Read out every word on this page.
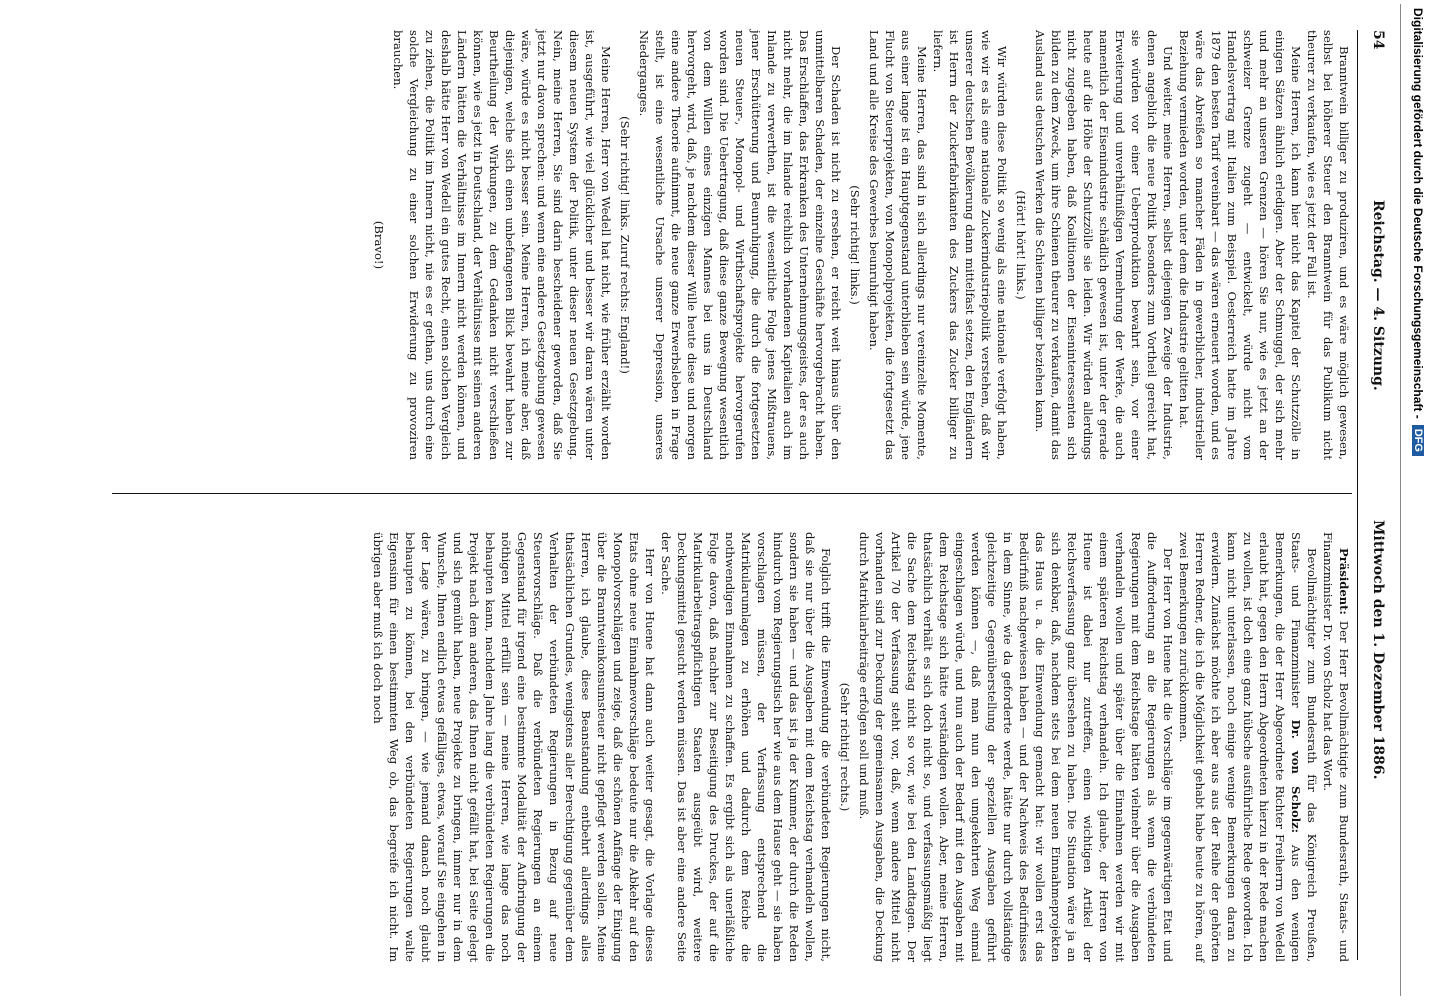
54
Reichstag. — 4. Sitzung.
Mittwoch den 1. Dezember 1886.

Branntwein billiger zu produziren, und es wäre möglich gewesen, selbst bei höherer Steuer den Branntwein für das Publikum nicht theurer zu verkaufen, wie es jetzt der Fall ist.

Meine Herren, ich kann hier nicht das Kapitel der Schutzzölle in einigen Sätzen ähnlich erledigen. Aber der Schmuggel, der sich mehr und mehr an unseren Grenzen — hören Sie nur, wie es jetzt an der schweizer Grenze zugeht — entwickelt, würde nicht vom Handelsvertrag mit Italien zum Beispiel. Oesterreich hatte im Jahre 1879 den besten Tarif vereinbart — das wären erneuert worden, und es wäre das Abreißen so mancher Fäden in gewerblicher, industrieller Beziehung vermieden worden, unter dem die Industrie gelitten hat.

Und weiter, meine Herren, selbst diejenigen Zweige der Industrie, denen angeblich die neue Politik besonders zum Vortheil gereicht hat, sie würden vor einer Ueberproduktion bewahrt sein, vor einer Erweiterung und unverhältnißigen Vermehrung der Werke, die auch namentlich der Eisenindustrie schädlich gewesen ist, unter der gerade heute auf die Höhe der Schutzzölle sie leiden. Wir würden allerdings nicht zugegeben haben, daß Koalitionen der Eiseninteressenten sich bilden zu dem Zweck, um ihre Schienen theurer zu verkaufen, damit das Ausland aus deutschen Werken die Schienen billiger beziehen kann.

(Hört! hört! links.)

Wir würden diese Politik so wenig als eine nationale verfolgt haben, wie wir es als eine nationale Zuckerindustriepolitik verstehen, daß wir unserer deutschen Bevölkerung dann mittelfast setzen, den Engländern ist Herrn der Zuckerfabrikanten des Zuckers das Zucker billiger zu liefern.

Meine Herren, das sind in sich allerdings nur vereinzelte Momente, aus einer lange ist ein Hauptgegenstand unterblieben sein würde, jene Flucht von Steuerprojekten, von Monopolprojekten, die fortgesetzt das Land und alle Kreise des Gewerbes beunruhigt haben.

(Sehr richtig! links.)

Der Schaden ist nicht zu ersehen, er reicht weit hinaus über den unmittelbaren Schaden, der einzelne Geschäfte hervorgebracht haben. Das Erschlaffen, das Erkranken des Unternehmungsgeistes, der es auch nicht mehr, die im Inlande reichlich vorhandenen Kapitalien auch im Inlande zu verwerthen, ist die wesentliche Folge jenes Mißtrauens, jener Erschütterung und Beunruhigung, die durch die fortgesetzten neuen Steuer-, Monopol- und Wirthschaftsprojekte hervorgerufen worden sind. Die Uebertragung, daß diese ganze Bewegung wesentlich von dem Willen eines einzigen Mannes bei uns in Deutschland hervorgeht, wird, daß, je nachdem dieser Wille heute diese und morgen eine andere Theorie aufnimmt, die neue ganze Erwerbsleben in Frage stellt, ist eine wesentliche Ursache unserer Depression, unseres Niederganges.

(Sehr richtig! links. Zuruf rechts: England!)

Meine Herren, Herr von Wedell hat nicht, wie früher erzählt worden ist, ausgeführt, wie viel glücklicher und besser wir daran wären unter diesem neuen System der Politik, unter dieser neuen Gesetzgebung. Nein, meine Herren, Sie sind darin bescheidener geworden, daß Sie jetzt nur davon sprechen: und wenn eine andere Gesetzgebung gewesen wäre, würde es nicht besser sein. Meine Herren, ich meine aber, daß diejenigen, welche sich einen unbefangenen Blick bewahrt haben zur Beurtheilung der Wirkungen, zu dem Gedanken nicht verschließen können, wie es jetzt in Deutschland, der Verhältnisse mit seinen anderen Ländern hätten die Verhältnisse im Innern nicht werden können, und deshalb hätte Herr von Wedell ein gutes Recht, einen solchen Vergleich zu ziehen, die Politik im Innern nicht, nie es er gethan, uns durch eine solche Vergleichung zu einer solchen Erwiderung zu provoziren brauchen.

(Bravo!)

Präsident: Der Herr Bevollmächtigte zum Bundesrath, Staats- und Finanzminister Dr. von Scholz hat das Wort.

Bevollmächtigter zum Bundesrath für das Königreich Preußen, Staats- und Finanzminister Dr. von Scholz: Aus den wenigen Bemerkungen, die der Herr Abgeordnete Richter Freiherrn von Wedell erlaubt hat, gegen den Herrn Abgeordneten hierzu in der Rede machen zu wollen, ist doch eine ganz hübsche ausführliche Rede geworden. Ich kann nicht unterlassen, noch einige wenige Bemerkungen daran zu erwidern. Zunächst möchte ich aber aus aus der Reihe der gehörten Herren Redner, die ich die Möglichkeit gehabt habe heute zu hören, auf zwei Bemerkungen zurückkommen.

Der Herr von Huene hat die Vorschläge im gegenwärtigen Etat und die Aufforderung an die Regierungen als wenn die verbündeten Regierungen mit dem Reichstage hätten vielmehr über die Ausgaben verhandeln wollen und später über die Einnahmen werden wir mit einem späteren Reichstag verhandeln. Ich glaube, der Herren von Huene ist dabei nur zutreffen, einen wichtigen Artikel der Reichsverfassung ganz übersehen zu haben. Die Situation wäre ja an sich denkbar, daß, nachdem stets bei dem neuen Einnahmeprojekten das Haus u. a. die Einwendung gemacht hat: wir wollen erst das Bedürfniß nachgewiesen haben — und der Nachweis des Bedürfnisses in dem Sinne, wie da geforderte werde, hätte nur durch vollständige gleichzeitige Gegenüberstellung der speziellen Ausgaben geführt werden können —, daß man nun den umgekehrten Weg einmal eingeschlagen würde, und nun auch der Bedarf mit den Ausgaben mit dem Reichstage sich hätte verständigen wollen. Aber, meine Herren, thatsächlich verhält es sich doch nicht so, und verfassungsmäßig liegt die Sache dem Reichstag nicht so vor, wie bei den Landtagen. Der Artikel 70 der Verfassung steht vor, daß, wenn andere Mittel nicht vorhanden sind zur Deckung der gemeinsamen Ausgaben, die Deckung durch Matrikularbeiträge erfolgen soll und muß.

(Sehr richtig! rechts.)

Folglich trifft die Einwendung die verbündeten Regierungen nicht, daß sie nur über die Ausgaben mit dem Reichstag verhandeln wollen, sondern sie haben — und das ist ja der Kummer, der durch die Reden hindurch vom Regierungstisch her wie aus dem Hause geht — sie haben vorschlagen müssen, der Verfassung entsprechend die Matrikularumlagen zu erhöhen und dadurch dem Reiche die nothwendigen Einnahmen zu schaffen. Es ergibt sich als unerläßliche Folge davon, daß nachher zur Beseitigung des Druckes, der auf die Matrikularbeitragspflichtigen Staaten ausgeübt wird, weitere Deckungsmittel gesucht werden müssen. Das ist aber eine andere Seite der Sache.

Herr von Huene hat dann auch weiter gesagt, die Vorlage dieses Etats ohne neue Einnahmevorschläge bedeute nur die Abkehr auf den Monopolvorschlägen und zeige, daß die schönen Anfänge der Einigung über die Branntweinkonsumsteuer nicht gepflegt werden sollen. Meine Herren, ich glaube, diese Beanstandung entbehrt allerdings alles thatsächlichen Grundes, wenigstens aller Berechtigung gegenüber dem Verhalten der verbündeten Regierungen in Bezug auf neue Steuervorschläge. Daß die verbündeten Regierungen an einem Gegenstand für irgend eine bestimmte Modalität der Aufbringung der nöthigen Mittel erfüllt sein — meine Herren, wie lange das noch behaupten kann, nachdem Jahre lang die verbündeten Regierungen die Projekt nach dem anderen, das Ihnen nicht gefällt hat, bei Seite gelegt und sich gemüht haben, neue Projekte zu bringen, immer nur in dem Wunsche, Ihnen endlich etwas gefälliges, etwas, worauf Sie eingehen in der Lage wären, zu bringen, — wie jemand danach noch glaubt behaupten zu können, bei den verbündeten Regierungen walte Eigensinn für einen bestimmten Weg ob, das begreife ich nicht. Im übrigen aber muß ich doch noch

Digitalisierung gefördert durch die Deutsche Forschungsgemeinschaft -
DFG
